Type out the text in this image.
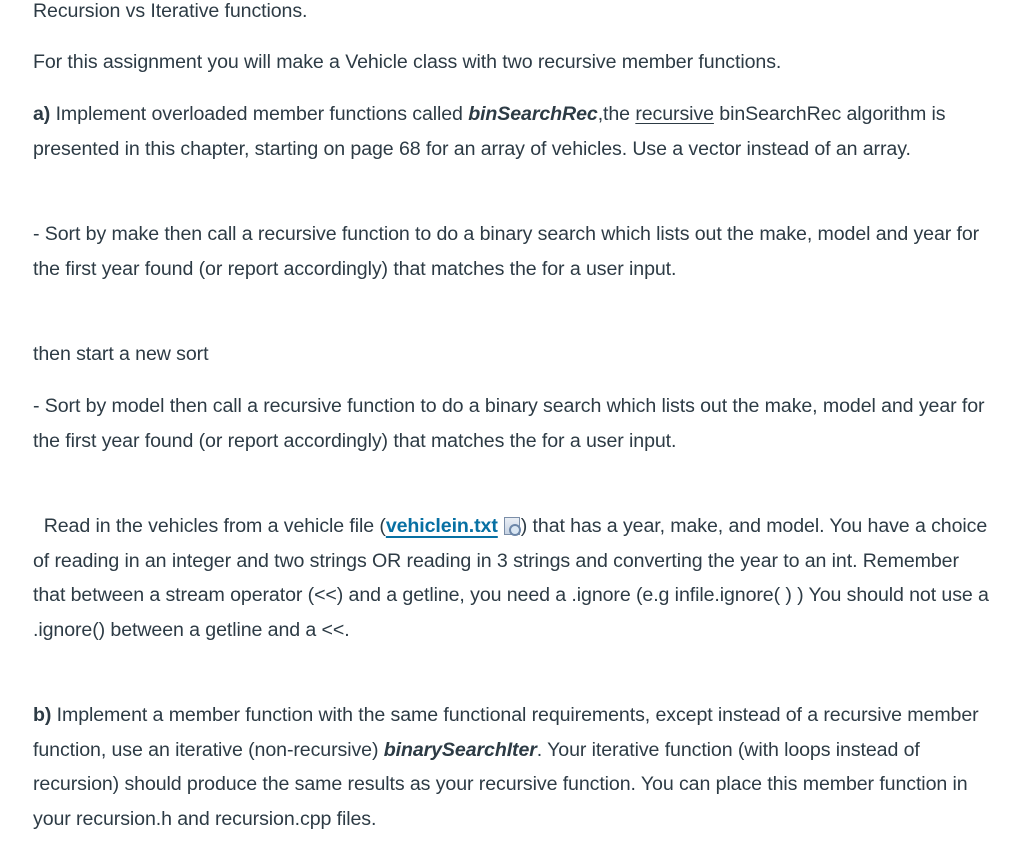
Recursion vs Iterative functions.

For this assignment you will make a Vehicle class with two recursive member functions.

a) Implement overloaded member functions called binSearchRec,the recursive binSearchRec algorithm is presented in this chapter, starting on page 68 for an array of vehicles. Use a vector instead of an array.

- Sort by make then call a recursive function to do a binary search which lists out the make, model and year for the first year found (or report accordingly) that matches the for a user input.

then start a new sort

- Sort by model then call a recursive function to do a binary search which lists out the make, model and year for the first year found (or report accordingly) that matches the for a user input.

Read in the vehicles from a vehicle file (vehiclein.txt ) that has a year, make, and model. You have a choice of reading in an integer and two strings OR reading in 3 strings and converting the year to an int. Remember that between a stream operator (<<) and a getline, you need a .ignore (e.g infile.ignore( ) ) You should not use a .ignore() between a getline and a <<.

b) Implement a member function with the same functional requirements, except instead of a recursive member function, use an iterative (non-recursive) binarySearchIter. Your iterative function (with loops instead of recursion) should produce the same results as your recursive function. You can place this member function in your recursion.h and recursion.cpp files.
